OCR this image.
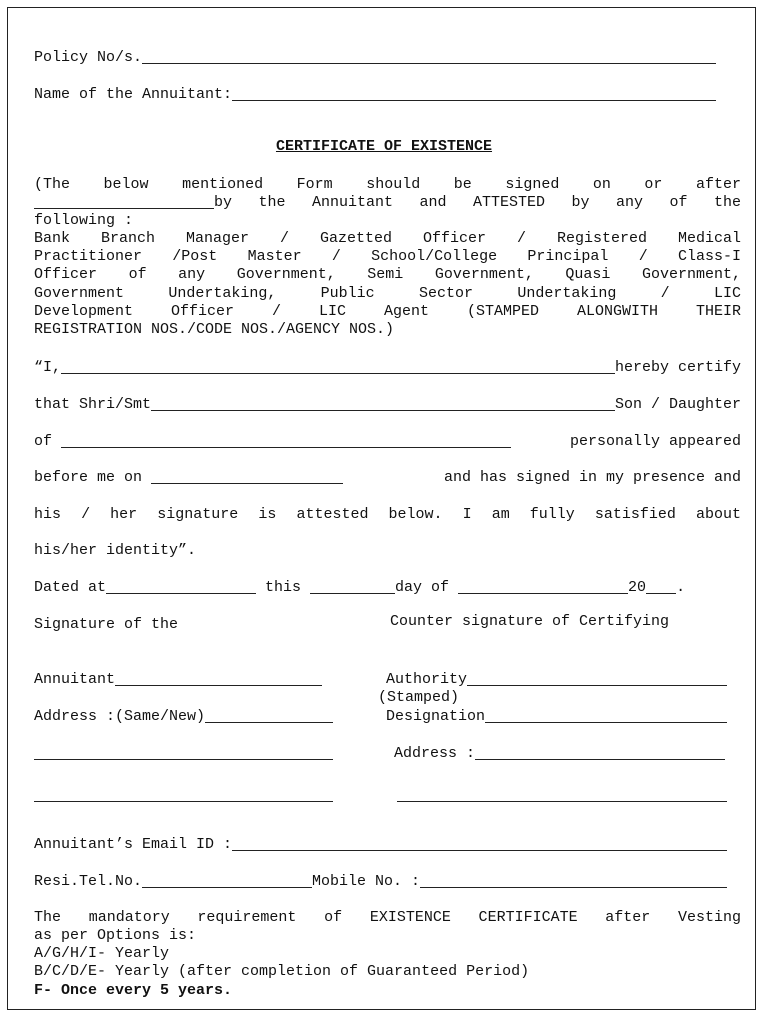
Policy No/s.
Name of the Annuitant:
CERTIFICATE OF EXISTENCE
(The below mentioned Form should be signed on or after
by the Annuitant and ATTESTED by any of the
following :
Bank Branch Manager / Gazetted Officer / Registered Medical
Practitioner /Post Master / School/College Principal / Class-I
Officer of any Government, Semi Government, Quasi Government,
Government Undertaking, Public Sector Undertaking / LIC
Development Officer / LIC Agent (STAMPED ALONGWITH THEIR
REGISTRATION NOS./CODE NOS./AGENCY NOS.)
“I,	hereby certify
that Shri/Smt	Son / Daughter
of	personally appeared
before me on	and has signed in my presence and
his / her signature is attested below. I am fully satisfied about
his/her identity”.
Dated at	this	day of	20 .
Signature of the	Counter signature of Certifying
Annuitant	Authority
(Stamped)
Address :(Same/New)	Designation
Address :
Annuitant’s Email ID :
Resi.Tel.No.	Mobile No. :
The mandatory requirement of EXISTENCE CERTIFICATE after Vesting
as per Options is:
A/G/H/I- Yearly
B/C/D/E- Yearly (after completion of Guaranteed Period)
F- Once every 5 years.
